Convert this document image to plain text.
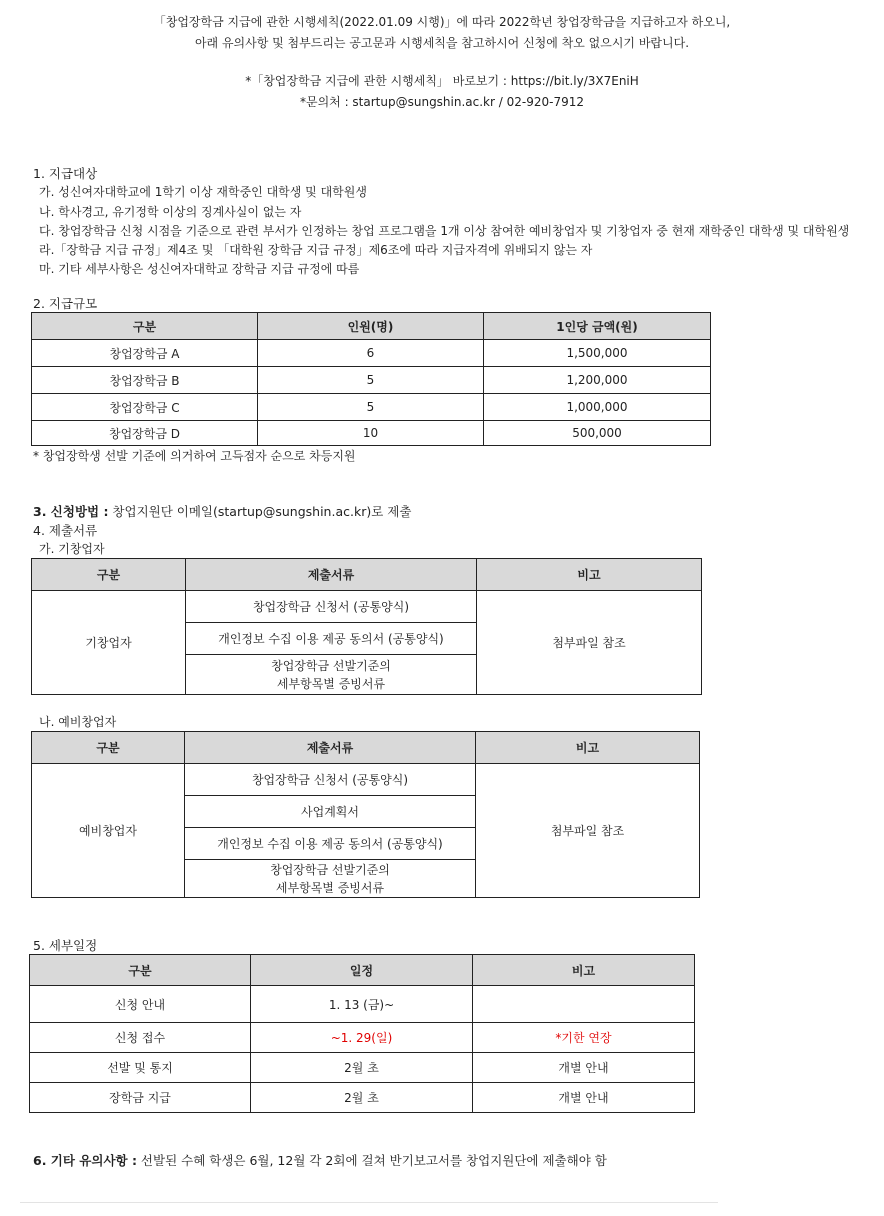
「창업장학금 지급에 관한 시행세칙(2022.01.09 시행)」에 따라 2022학년 창업장학금을 지급하고자 하오니,
아래 유의사항 및 첨부드리는 공고문과 시행세칙을 참고하시어 신청에 착오 없으시기 바랍니다.
*「창업장학금 지급에 관한 시행세칙」 바로보기 : https://bit.ly/3X7EniH
*문의처 : startup@sungshin.ac.kr / 02-920-7912
1. 지급대상
가. 성신여자대학교에 1학기 이상 재학중인 대학생 및 대학원생
나. 학사경고, 유기정학 이상의 징계사실이 없는 자
다. 창업장학금 신청 시점을 기준으로 관련 부서가 인정하는 창업 프로그램을 1개 이상 참여한 예비창업자 및 기창업자 중 현재 재학중인 대학생 및 대학원생
라.「장학금 지급 규정」제4조 및 「대학원 장학금 지급 규정」제6조에 따라 지급자격에 위배되지 않는 자
마. 기타 세부사항은 성신여자대학교 장학금 지급 규정에 따름
2. 지급규모
구분	인원(명)	1인당 금액(원)
창업장학금 A	6	1,500,000
창업장학금 B	5	1,200,000
창업장학금 C	5	1,000,000
창업장학금 D	10	500,000
* 창업장학생 선발 기준에 의거하여 고득점자 순으로 차등지원
3. 신청방법 : 창업지원단 이메일(startup@sungshin.ac.kr)로 제출
4. 제출서류
가. 기창업자
구분	제출서류	비고
기창업자	창업장학금 신청서 (공통양식)	첨부파일 참조
	개인정보 수집 이용 제공 동의서 (공통양식)	

	창업장학금 선발기준의
세부항목별 증빙서류	
나. 예비창업자
구분	제출서류	비고
예비창업자	창업장학금 신청서 (공통양식)	첨부파일 참조
	사업계획서	
	개인정보 수집 이용 제공 동의서 (공통양식)	

	창업장학금 선발기준의
세부항목별 증빙서류	
5. 세부일정
구분	일정	비고
신청 안내	1. 13 (금)~	
신청 접수	~1. 29(일)	*기한 연장
선발 및 통지	2월 초	개별 안내
장학금 지급	2월 초	개별 안내
6. 기타 유의사항 : 선발된 수혜 학생은 6월, 12월 각 2회에 걸쳐 반기보고서를 창업지원단에 제출해야 함
